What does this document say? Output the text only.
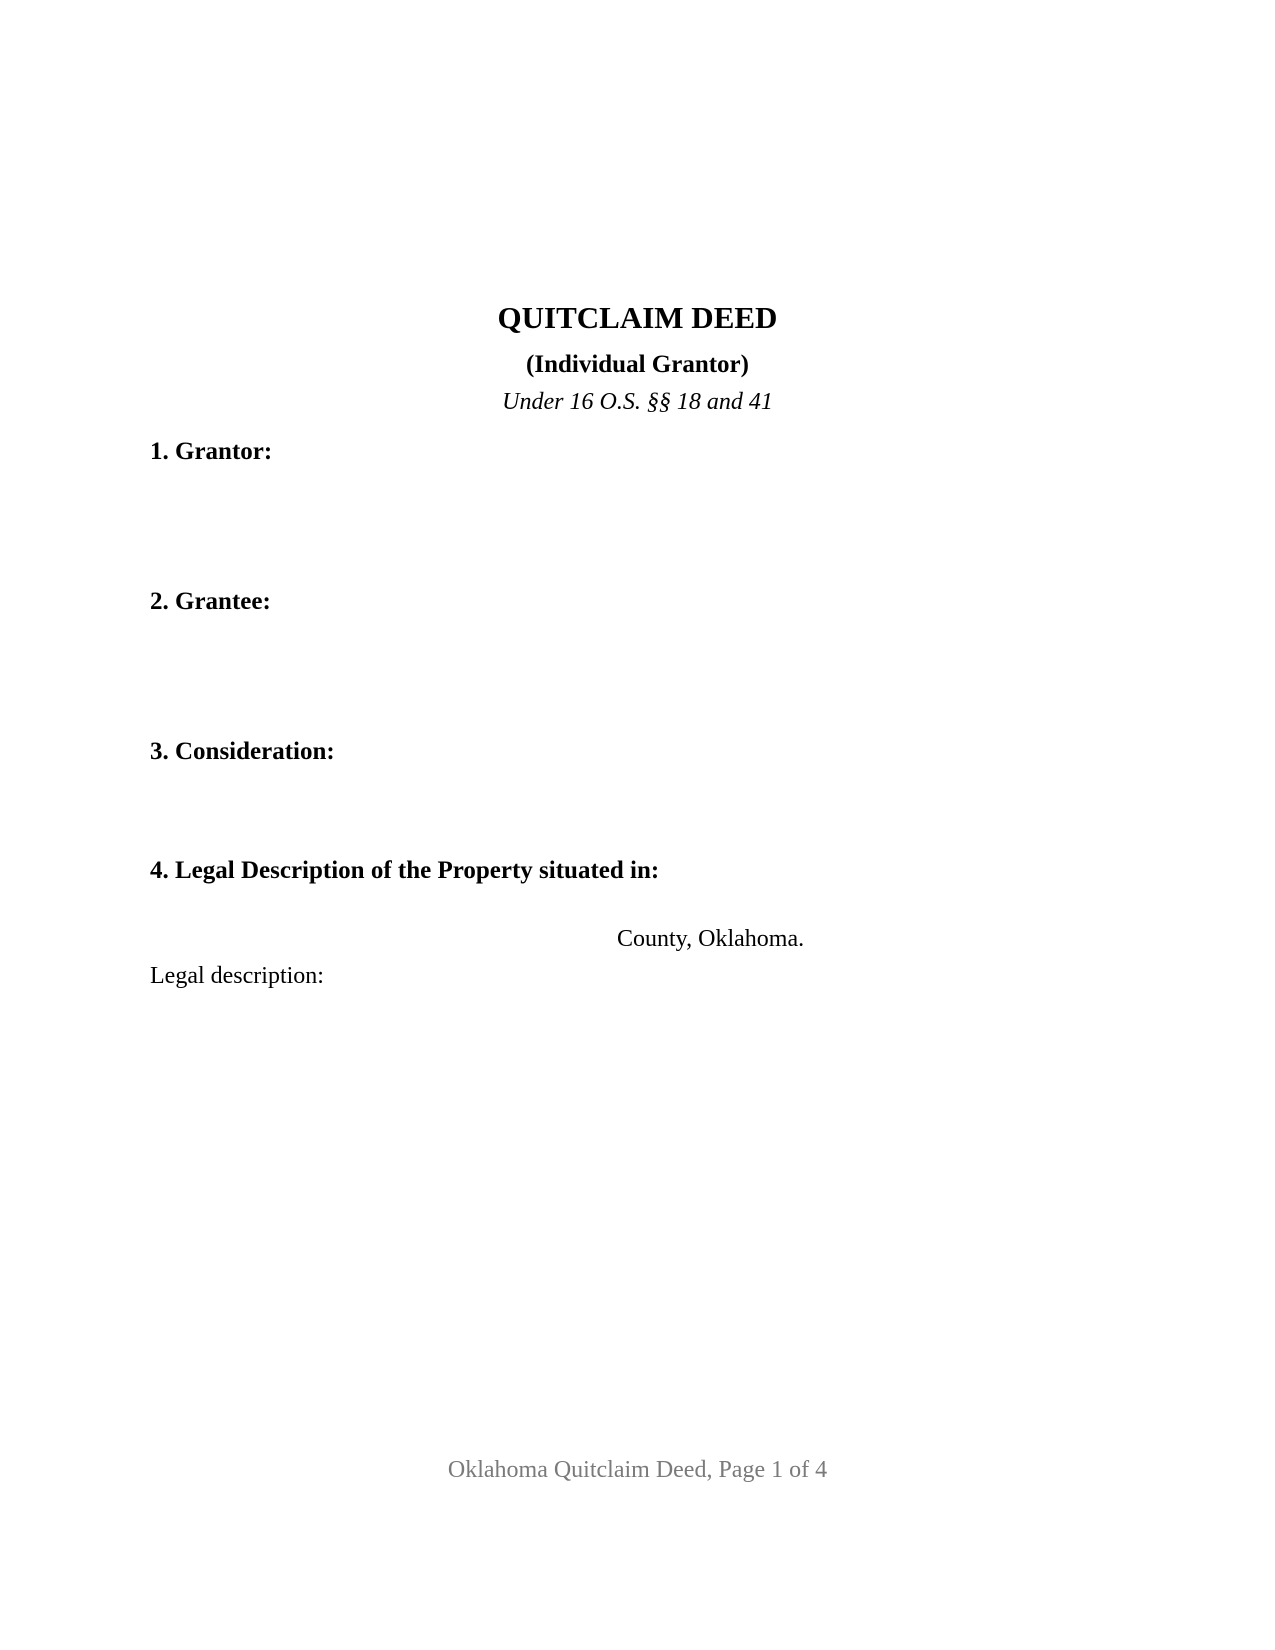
QUITCLAIM DEED
(Individual Grantor)
Under 16 O.S. §§ 18 and 41
1. Grantor:
2. Grantee:
3. Consideration:
4. Legal Description of the Property situated in:
County, Oklahoma.
Legal description:
Oklahoma Quitclaim Deed, Page 1 of 4
